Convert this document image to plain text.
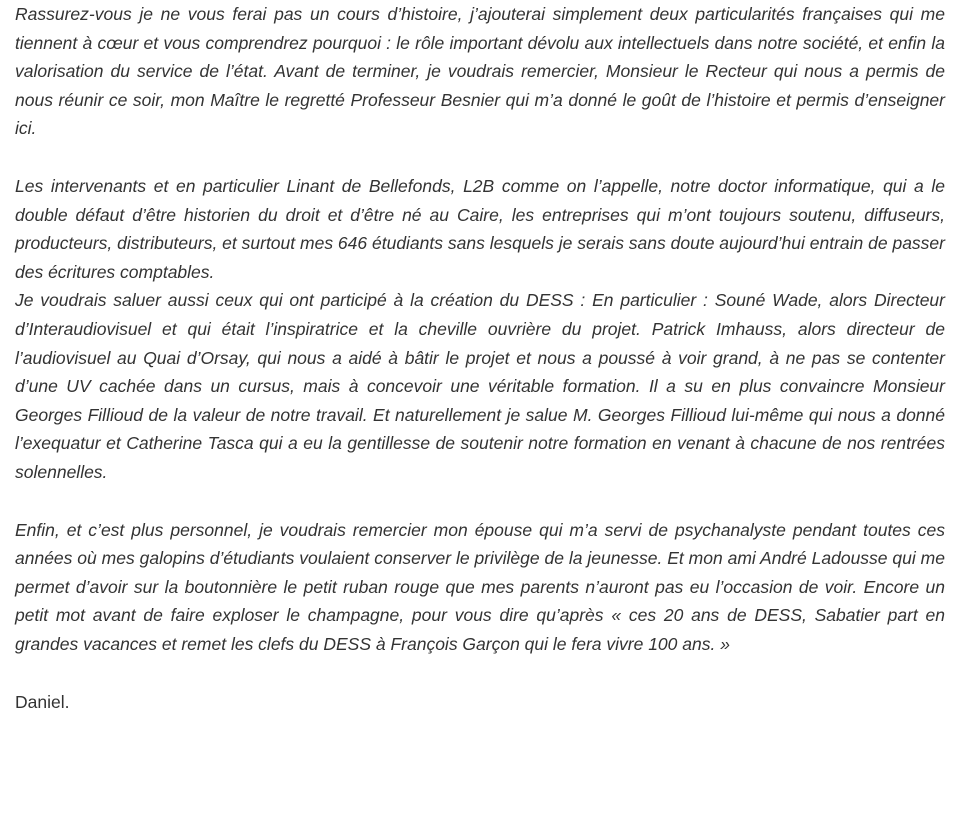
Rassurez-vous je ne vous ferai pas un cours d’histoire, j’ajouterai simplement deux particularités françaises qui me tiennent à cœur et vous comprendrez pourquoi : le rôle important dévolu aux intellectuels dans notre société, et enfin la valorisation du service de l’état. Avant de terminer, je voudrais remercier, Monsieur le Recteur qui nous a permis de nous réunir ce soir, mon Maître le regretté Professeur Besnier qui m’a donné le goût de l’histoire et permis d’enseigner ici.

Les intervenants et en particulier Linant de Bellefonds, L2B comme on l’appelle, notre doctor informatique, qui a le double défaut d’être historien du droit et d’être né au Caire, les entreprises qui m’ont toujours soutenu, diffuseurs, producteurs, distributeurs, et surtout mes 646 étudiants sans lesquels je serais sans doute aujourd’hui entrain de passer des écritures comptables.

Je voudrais saluer aussi ceux qui ont participé à la création du DESS : En particulier : Souné Wade, alors Directeur d’Interaudiovisuel et qui était l’inspiratrice et la cheville ouvrière du projet. Patrick Imhauss, alors directeur de l’audiovisuel au Quai d’Orsay, qui nous a aidé à bâtir le projet et nous a poussé à voir grand, à ne pas se contenter d’une UV cachée dans un cursus, mais à concevoir une véritable formation. Il a su en plus convaincre Monsieur Georges Fillioud de la valeur de notre travail. Et naturellement je salue M. Georges Fillioud lui-même qui nous a donné l’exequatur et Catherine Tasca qui a eu la gentillesse de soutenir notre formation en venant à chacune de nos rentrées solennelles.

Enfin, et c’est plus personnel, je voudrais remercier mon épouse qui m’a servi de psychanalyste pendant toutes ces années où mes galopins d’étudiants voulaient conserver le privilège de la jeunesse. Et mon ami André Ladousse qui me permet d’avoir sur la boutonnière le petit ruban rouge que mes parents n’auront pas eu l’occasion de voir. Encore un petit mot avant de faire exploser le champagne, pour vous dire qu’après « ces 20 ans de DESS, Sabatier part en grandes vacances et remet les clefs du DESS à François Garçon qui le fera vivre 100 ans. »

Daniel.
